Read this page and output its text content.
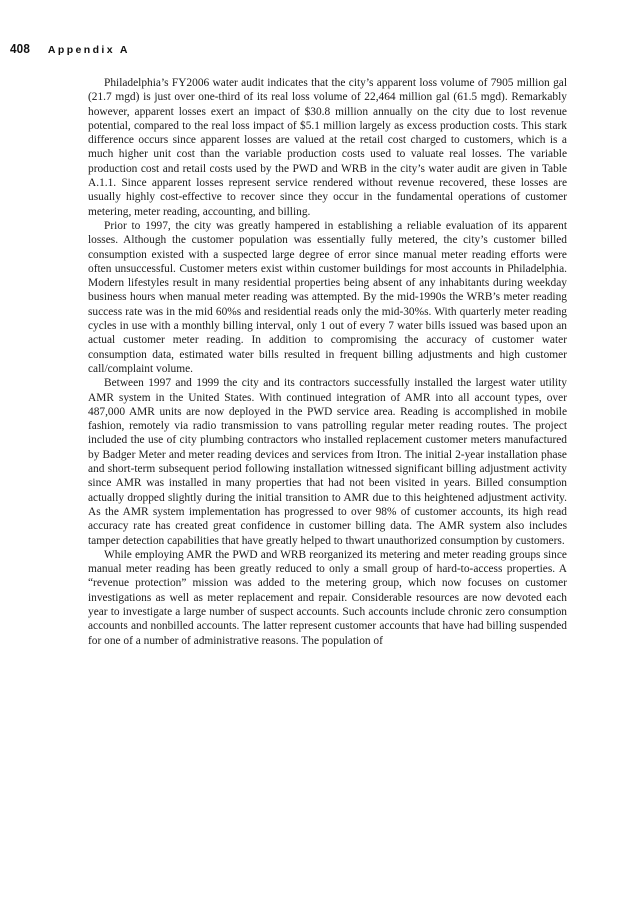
408 Appendix A

Philadelphia’s FY2006 water audit indicates that the city’s apparent loss volume of 7905 million gal (21.7 mgd) is just over one-third of its real loss volume of 22,464 million gal (61.5 mgd). Remarkably however, apparent losses exert an impact of $30.8 million annually on the city due to lost revenue potential, compared to the real loss impact of $5.1 million largely as excess production costs. This stark difference occurs since apparent losses are valued at the retail cost charged to customers, which is a much higher unit cost than the variable production costs used to valuate real losses. The variable production cost and retail costs used by the PWD and WRB in the city’s water audit are given in Table A.1.1. Since apparent losses represent service rendered without revenue recovered, these losses are usually highly cost-effective to recover since they occur in the fundamental operations of customer metering, meter reading, accounting, and billing.

Prior to 1997, the city was greatly hampered in establishing a reliable evaluation of its apparent losses. Although the customer population was essentially fully metered, the city’s customer billed consumption existed with a suspected large degree of error since manual meter reading efforts were often unsuccessful. Customer meters exist within customer buildings for most accounts in Philadelphia. Modern lifestyles result in many residential properties being absent of any inhabitants during weekday business hours when manual meter reading was attempted. By the mid-1990s the WRB’s meter reading success rate was in the mid 60%s and residential reads only the mid-30%s. With quarterly meter reading cycles in use with a monthly billing interval, only 1 out of every 7 water bills issued was based upon an actual customer meter reading. In addition to compromising the accuracy of customer water consumption data, estimated water bills resulted in frequent billing adjustments and high customer call/complaint volume.

Between 1997 and 1999 the city and its contractors successfully installed the largest water utility AMR system in the United States. With continued integration of AMR into all account types, over 487,000 AMR units are now deployed in the PWD service area. Reading is accomplished in mobile fashion, remotely via radio transmission to vans patrolling regular meter reading routes. The project included the use of city plumbing contractors who installed replacement customer meters manufactured by Badger Meter and meter reading devices and services from Itron. The initial 2-year installation phase and short-term subsequent period following installation witnessed significant billing adjustment activity since AMR was installed in many properties that had not been visited in years. Billed consumption actually dropped slightly during the initial transition to AMR due to this heightened adjustment activity. As the AMR system implementation has progressed to over 98% of customer accounts, its high read accuracy rate has created great confidence in customer billing data. The AMR system also includes tamper detection capabilities that have greatly helped to thwart unauthorized consumption by customers.

While employing AMR the PWD and WRB reorganized its metering and meter reading groups since manual meter reading has been greatly reduced to only a small group of hard-to-access properties. A “revenue protection” mission was added to the metering group, which now focuses on customer investigations as well as meter replacement and repair. Considerable resources are now devoted each year to investigate a large number of suspect accounts. Such accounts include chronic zero consumption accounts and nonbilled accounts. The latter represent customer accounts that have had billing suspended for one of a number of administrative reasons. The population of
